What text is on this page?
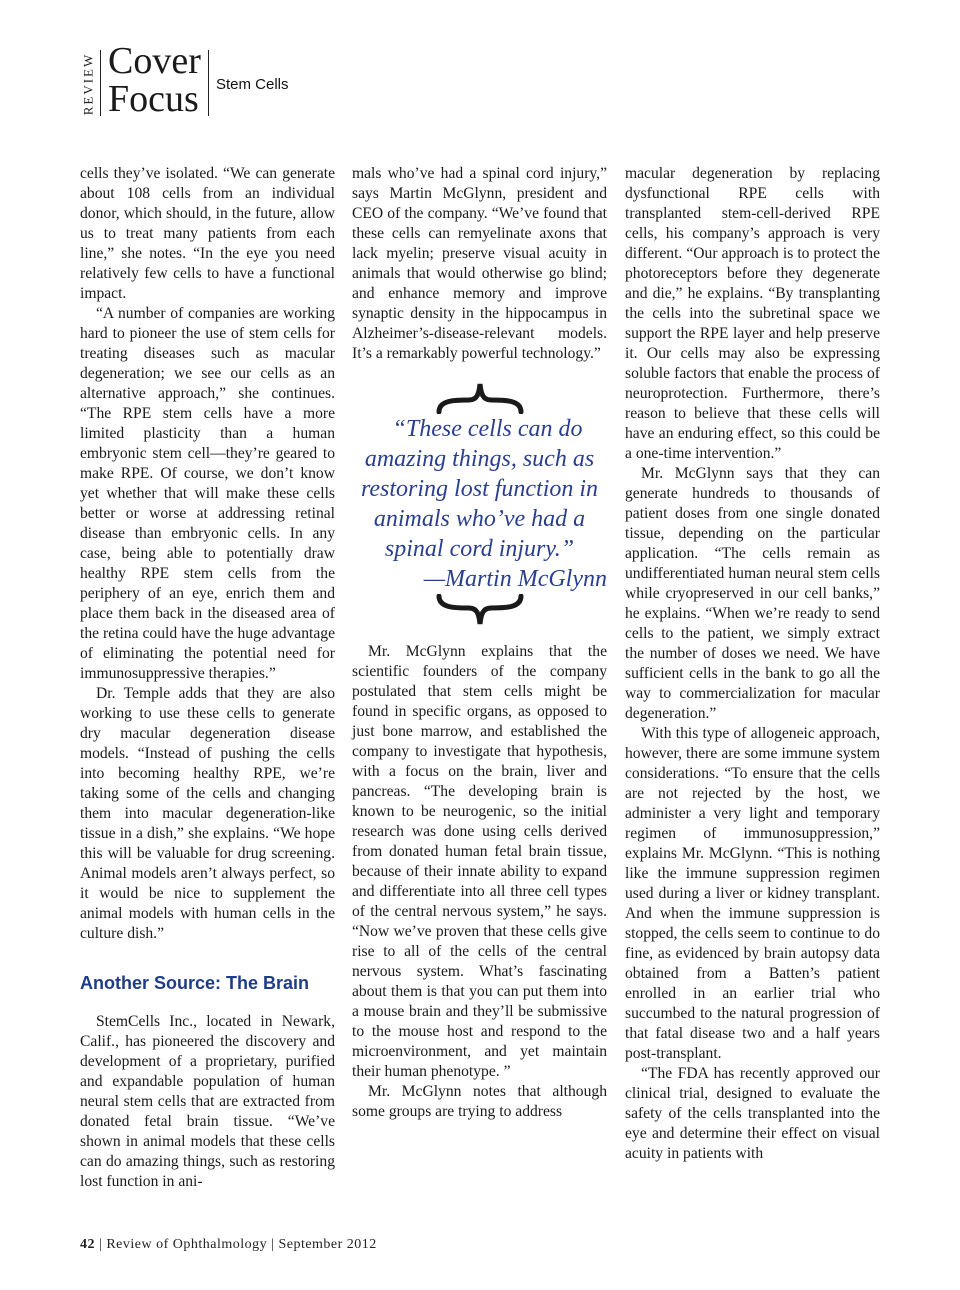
REVIEW Cover
Focus Stem Cells

cells they’ve isolated. “We can generate about 108 cells from an individual donor, which should, in the future, allow us to treat many patients from each line,” she notes. “In the eye you need relatively few cells to have a functional impact.

“A number of companies are working hard to pioneer the use of stem cells for treating diseases such as macular degeneration; we see our cells as an alternative approach,” she continues. “The RPE stem cells have a more limited plasticity than a human embryonic stem cell—they’re geared to make RPE. Of course, we don’t know yet whether that will make these cells better or worse at addressing retinal disease than embryonic cells. In any case, being able to potentially draw healthy RPE stem cells from the periphery of an eye, enrich them and place them back in the diseased area of the retina could have the huge advantage of eliminating the potential need for immunosuppressive therapies.”

Dr. Temple adds that they are also working to use these cells to generate dry macular degeneration disease models. “Instead of pushing the cells into becoming healthy RPE, we’re taking some of the cells and changing them into macular degeneration-like tissue in a dish,” she explains. “We hope this will be valuable for drug screening. Animal models aren’t always perfect, so it would be nice to supplement the animal models with human cells in the culture dish.”

Another Source: The Brain

StemCells Inc., located in Newark, Calif., has pioneered the discovery and development of a proprietary, purified and expandable population of human neural stem cells that are extracted from donated fetal brain tissue. “We’ve shown in animal models that these cells can do amazing things, such as restoring lost function in ani-

mals who’ve had a spinal cord injury,” says Martin McGlynn, president and CEO of the company. “We’ve found that these cells can remyelinate axons that lack myelin; preserve visual acuity in animals that would otherwise go blind; and enhance memory and improve synaptic density in the hippocampus in Alzheimer’s-disease-relevant models. It’s a remarkably powerful technology.”

“These cells can do amazing things, such as restoring lost function in animals who’ve had a spinal cord injury.”

—Martin McGlynn

Mr. McGlynn explains that the scientific founders of the company postulated that stem cells might be found in specific organs, as opposed to just bone marrow, and established the company to investigate that hypothesis, with a focus on the brain, liver and pancreas. “The developing brain is known to be neurogenic, so the initial research was done using cells derived from donated human fetal brain tissue, because of their innate ability to expand and differentiate into all three cell types of the central nervous system,” he says. “Now we’ve proven that these cells give rise to all of the cells of the central nervous system. What’s fascinating about them is that you can put them into a mouse brain and they’ll be submissive to the mouse host and respond to the microenvironment, and yet maintain their human phenotype. ”

Mr. McGlynn notes that although some groups are trying to address

macular degeneration by replacing dysfunctional RPE cells with transplanted stem-cell-derived RPE cells, his company’s approach is very different. “Our approach is to protect the photoreceptors before they degenerate and die,” he explains. “By transplanting the cells into the subretinal space we support the RPE layer and help preserve it. Our cells may also be expressing soluble factors that enable the process of neuroprotection. Furthermore, there’s reason to believe that these cells will have an enduring effect, so this could be a one-time intervention.”

Mr. McGlynn says that they can generate hundreds to thousands of patient doses from one single donated tissue, depending on the particular application. “The cells remain as undifferentiated human neural stem cells while cryopreserved in our cell banks,” he explains. “When we’re ready to send cells to the patient, we simply extract the number of doses we need. We have sufficient cells in the bank to go all the way to commercialization for macular degeneration.”

With this type of allogeneic approach, however, there are some immune system considerations. “To ensure that the cells are not rejected by the host, we administer a very light and temporary regimen of immunosuppression,” explains Mr. McGlynn. “This is nothing like the immune suppression regimen used during a liver or kidney transplant. And when the immune suppression is stopped, the cells seem to continue to do fine, as evidenced by brain autopsy data obtained from a Batten’s patient enrolled in an earlier trial who succumbed to the natural progression of that fatal disease two and a half years post-transplant.

“The FDA has recently approved our clinical trial, designed to evaluate the safety of the cells transplanted into the eye and determine their effect on visual acuity in patients with

42 | Review of Ophthalmology | September 2012
